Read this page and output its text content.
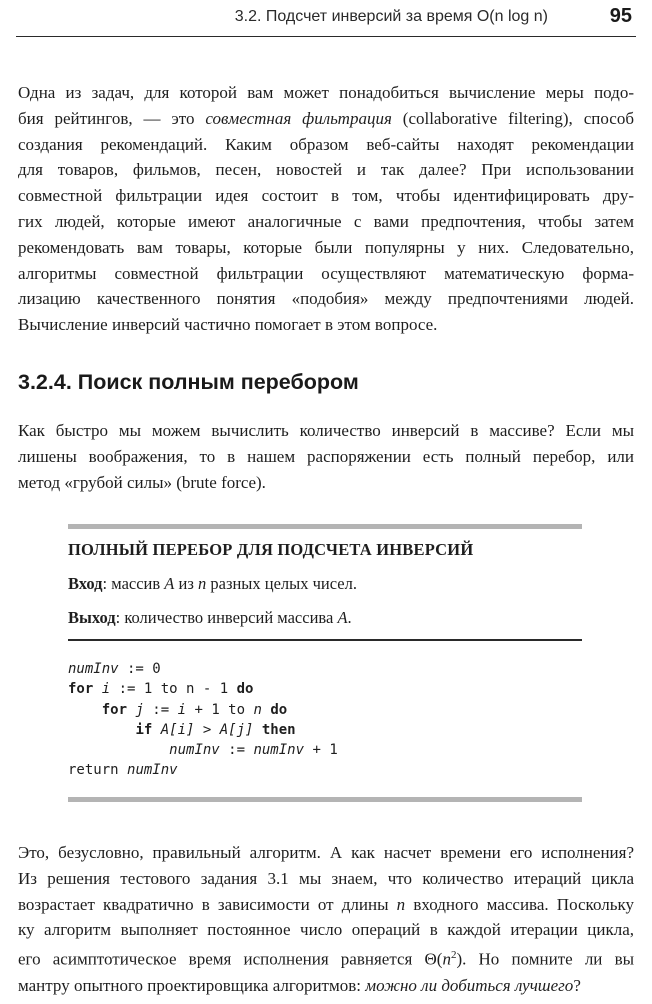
3.2. Подсчет инверсий за время O(n log n)	95

Одна из задач, для которой вам может понадобиться вычисление меры подо-
бия рейтингов, — это совместная фильтрация (collaborative filtering), способ
создания рекомендаций. Каким образом веб-сайты находят рекомендации
для товаров, фильмов, песен, новостей и так далее? При использовании
совместной фильтрации идея состоит в том, чтобы идентифицировать дру-
гих людей, которые имеют аналогичные с вами предпочтения, чтобы затем
рекомендовать вам товары, которые были популярны у них. Следовательно,
алгоритмы совместной фильтрации осуществляют математическую форма-
лизацию качественного понятия «подобия» между предпочтениями людей.
Вычисление инверсий частично помогает в этом вопросе.

3.2.4. Поиск полным перебором

Как быстро мы можем вычислить количество инверсий в массиве? Если мы
лишены воображения, то в нашем распоряжении есть полный перебор, или
метод «грубой силы» (brute force).

ПОЛНЫЙ ПЕРЕБОР ДЛЯ ПОДСЧЕТА ИНВЕРСИЙ
Вход: массив A из n разных целых чисел.
Выход: количество инверсий массива A.
numInv := 0
for i := 1 to n - 1 do
for j := i + 1 to n do
if A[i] > A[j] then
numInv := numInv + 1
return numInv

Это, безусловно, правильный алгоритм. А как насчет времени его исполнения?
Из решения тестового задания 3.1 мы знаем, что количество итераций цикла
возрастает квадратично в зависимости от длины n входного массива. Поскольку
ку алгоритм выполняет постоянное число операций в каждой итерации цикла,
его асимптотическое время исполнения равняется $\Theta(n^2)$. Но помните ли вы
мантру опытного проектировщика алгоритмов: можно ли добиться лучшего?
